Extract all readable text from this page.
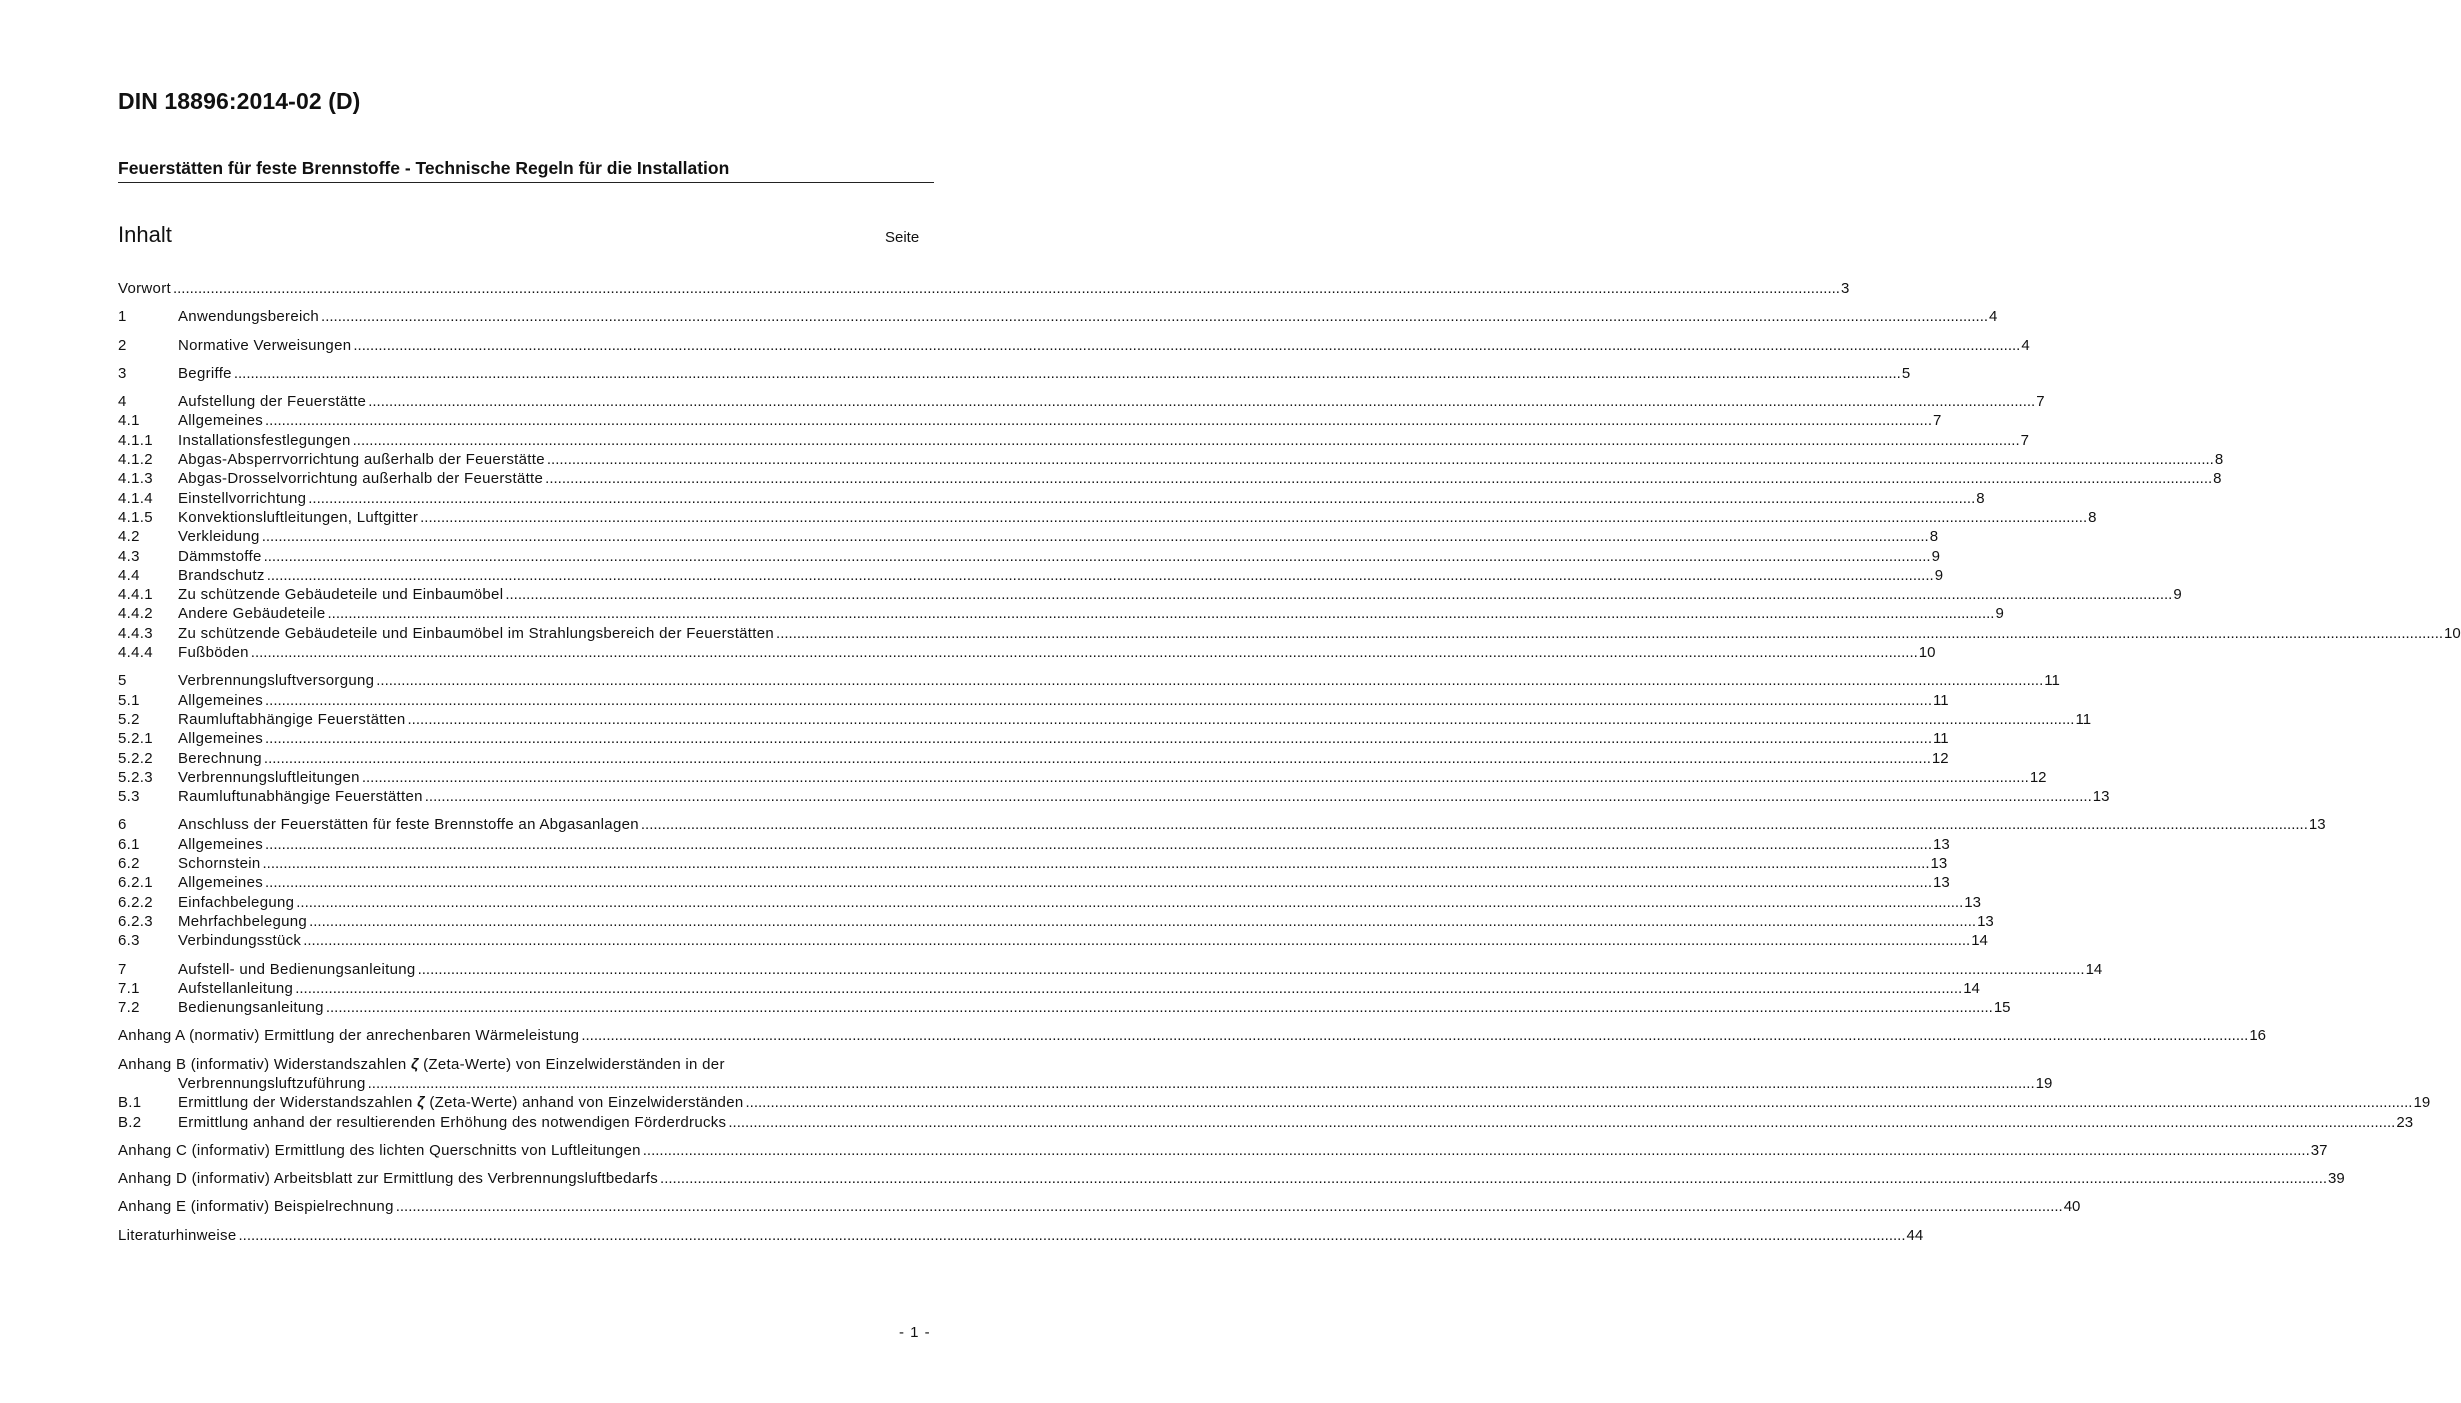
DIN 18896:2014-02 (D)
Feuerstätten für feste Brennstoffe - Technische Regeln für die Installation
Inhalt	Seite
Vorwort ................................................................................................................................................................................................................................................................................................................................................................................................................ 3
1	Anwendungsbereich ................................................................................................................................................................................................................................................................................................................................................................................................................ 4
2	Normative Verweisungen ................................................................................................................................................................................................................................................................................................................................................................................................................ 4
3	Begriffe ................................................................................................................................................................................................................................................................................................................................................................................................................ 5
4	Aufstellung der Feuerstätte ................................................................................................................................................................................................................................................................................................................................................................................................................ 7
4.1	Allgemeines ................................................................................................................................................................................................................................................................................................................................................................................................................ 7
4.1.1 Installationsfestlegungen ................................................................................................................................................................................................................................................................................................................................................................................................................ 7
4.1.2 Abgas-Absperrvorrichtung außerhalb der Feuerstätte ................................................................................................................................................................................................................................................................................................................................................................................................................ 8
4.1.3 Abgas-Drosselvorrichtung außerhalb der Feuerstätte ................................................................................................................................................................................................................................................................................................................................................................................................................ 8
4.1.4 Einstellvorrichtung ................................................................................................................................................................................................................................................................................................................................................................................................................ 8
4.1.5 Konvektionsluftleitungen, Luftgitter ................................................................................................................................................................................................................................................................................................................................................................................................................ 8
4.2	Verkleidung ................................................................................................................................................................................................................................................................................................................................................................................................................ 8
4.3	Dämmstoffe ................................................................................................................................................................................................................................................................................................................................................................................................................ 9
4.4	Brandschutz ................................................................................................................................................................................................................................................................................................................................................................................................................ 9
4.4.1 Zu schützende Gebäudeteile und Einbaumöbel ................................................................................................................................................................................................................................................................................................................................................................................................................ 9
4.4.2 Andere Gebäudeteile ................................................................................................................................................................................................................................................................................................................................................................................................................ 9
4.4.3 Zu schützende Gebäudeteile und Einbaumöbel im Strahlungsbereich der Feuerstätten ................................................................................................................................................................................................................................................................................................................................................................................................................ 10
4.4.4 Fußböden ................................................................................................................................................................................................................................................................................................................................................................................................................ 10
5	Verbrennungsluftversorgung ................................................................................................................................................................................................................................................................................................................................................................................................................ 11
5.1	Allgemeines ................................................................................................................................................................................................................................................................................................................................................................................................................ 11
5.2	Raumluftabhängige Feuerstätten ................................................................................................................................................................................................................................................................................................................................................................................................................ 11
5.2.1 Allgemeines ................................................................................................................................................................................................................................................................................................................................................................................................................ 11
5.2.2 Berechnung ................................................................................................................................................................................................................................................................................................................................................................................................................ 12
5.2.3 Verbrennungsluftleitungen ................................................................................................................................................................................................................................................................................................................................................................................................................ 12
5.3	Raumluftunabhängige Feuerstätten ................................................................................................................................................................................................................................................................................................................................................................................................................ 13
6	Anschluss der Feuerstätten für feste Brennstoffe an Abgasanlagen ................................................................................................................................................................................................................................................................................................................................................................................................................ 13
6.1	Allgemeines ................................................................................................................................................................................................................................................................................................................................................................................................................ 13
6.2	Schornstein ................................................................................................................................................................................................................................................................................................................................................................................................................ 13
6.2.1 Allgemeines ................................................................................................................................................................................................................................................................................................................................................................................................................ 13
6.2.2 Einfachbelegung ................................................................................................................................................................................................................................................................................................................................................................................................................ 13
6.2.3 Mehrfachbelegung ................................................................................................................................................................................................................................................................................................................................................................................................................ 13
6.3	Verbindungsstück ................................................................................................................................................................................................................................................................................................................................................................................................................ 14
7	Aufstell- und Bedienungsanleitung ................................................................................................................................................................................................................................................................................................................................................................................................................ 14
7.1	Aufstellanleitung ................................................................................................................................................................................................................................................................................................................................................................................................................ 14
7.2	Bedienungsanleitung ................................................................................................................................................................................................................................................................................................................................................................................................................ 15
Anhang A (normativ) Ermittlung der anrechenbaren Wärmeleistung ................................................................................................................................................................................................................................................................................................................................................................................................................ 16
Anhang B (informativ) Widerstandszahlen ζ (Zeta-Werte) von Einzelwiderständen in der
Verbrennungsluftzuführung ................................................................................................................................................................................................................................................................................................................................................................................................................ 19
B.1 Ermittlung der Widerstandszahlen ζ (Zeta-Werte) anhand von Einzelwiderständen ................................................................................................................................................................................................................................................................................................................................................................................................................ 19
B.2 Ermittlung anhand der resultierenden Erhöhung des notwendigen Förderdrucks ................................................................................................................................................................................................................................................................................................................................................................................................................ 23
Anhang C (informativ) Ermittlung des lichten Querschnitts von Luftleitungen ................................................................................................................................................................................................................................................................................................................................................................................................................ 37
Anhang D (informativ) Arbeitsblatt zur Ermittlung des Verbrennungsluftbedarfs ................................................................................................................................................................................................................................................................................................................................................................................................................ 39
Anhang E (informativ) Beispielrechnung ................................................................................................................................................................................................................................................................................................................................................................................................................ 40
Literaturhinweise ................................................................................................................................................................................................................................................................................................................................................................................................................ 44
- 1 -
